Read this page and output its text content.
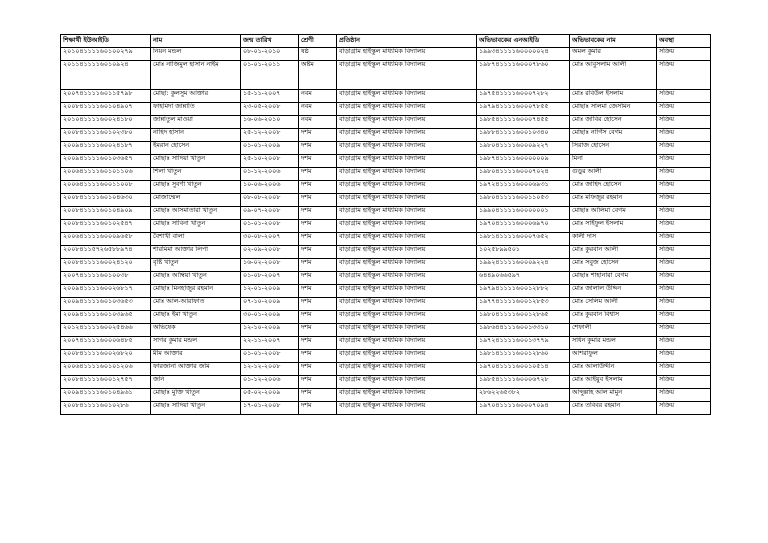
শিক্ষার্থী ইউআইডি	নাম	জন্ম তারিখ	শ্রেণী	প্রতিষ্ঠান	অভিভাবকের এনআইডি	অভিভাবকের নাম	অবস্থা
২০১০৪১১১১৬০১০০২৭৯	নিয়ন মন্ডল	০৮-০১-২০১০	ষষ্ঠ	বাড়াগ্রাম হাইস্কুল মাধ্যমিক বিদ্যালয়	১৯৯৩৪১১১১৬০০০০০২৪	অমল কুমার	সক্রিয়
২০১১৪১১১১৬০১০৯২৪	মোঃ নাজিমুল হাসান নাইম	০১-০১-২০১১	অষ্টম	বাড়াগ্রাম হাইস্কুল মাধ্যমিক বিদ্যালয়	১৯৮৭৪১১১১৬০০০৭৮৬০	মোঃ আবুসলাম আলী	সক্রিয়
২০০৭৪১১১১৬০১১৫৭৯৮	মোছা: কুলসুম আক্তার	১৫-১১-২০০৭	নবম	বাড়াগ্রাম হাইস্কুল মাধ্যমিক বিদ্যালয়	১৯৭৫৪১১১১৬০০০৭২৮২	মোঃ রবিউল ইসলাম	সক্রিয়
২০০৮৪১১১১৬০১০৪৯০৭	ফাহমিদা জান্নাতি	২৩-০৫-২০০৮	নবম	বাড়াগ্রাম হাইস্কুল মাধ্যমিক বিদ্যালয়	১৯৭৯৪১১১১৬০০০৭৮৫৫	মোছাঃ সালমা জেসমিন	সক্রিয়
২০১০৪১১১১৬০০২৪১৮০	জান্নাতুল মাওয়া	১৬-০৬-২০১০	নবম	বাড়াগ্রাম হাইস্কুল মাধ্যমিক বিদ্যালয়	১৯৮৫৪১১১১৬০০০৭৪৫৫	মোঃ জাবির হোসেন	সক্রিয়
২০০৮৪১১১১৬০১০২৩৮০	নাহিদ হাসান	২৫-১২-২০০৮	দশম	বাড়াগ্রাম হাইস্কুল মাধ্যমিক বিদ্যালয়	১৯৮৮৪১১১১৬০০১০৩৪০	মোছাঃ নার্গিস বেগম	সক্রিয়
২০০৯৪১১১১৬০০২৪১৮৭	ইমরান হোসেন	০১-০১-২০০৯	দশম	বাড়াগ্রাম হাইস্কুল মাধ্যমিক বিদ্যালয়	১৯৮০৪১১১১৬০০০৯২২৭	সিরাজ হোসেন	সক্রিয়
২০০৯৪১১১১৬০১০৩৬৫৭	মোছাঃ সাদিয়া খাতুন	২৫-১০-২০০৮	দশম	বাড়াগ্রাম হাইস্কুল মাধ্যমিক বিদ্যালয়	১৯৮৭৪১১১১৬০০০০০০৯	মিনা	সক্রিয়
২০০৬৪১১১১৬০১০১১০৬	শিলা খাতুন	০১-১২-২০০৬	দশম	বাড়াগ্রাম হাইস্কুল মাধ্যমিক বিদ্যালয়	১৯৮০৪১১১১৬০০০৭০২৪	গুড়ুর আলী	সক্রিয়
২০০৬৪১১১১৬০০১১০০৮	মোছাঃ সুবর্ণা খাতুন	১০-০৬-২০০৬	দশম	বাড়াগ্রাম হাইস্কুল মাধ্যমিক বিদ্যালয়	১৯৭২৪১১১১৬০০০৬৯৩১	মোঃ জাহিদ হোসেন	সক্রিয়
২০০৮৪১১১১৬০১০৪৬৩০	মোজাম্মেল	০৮-০৮-২০০৮	দশম	বাড়াগ্রাম হাইস্কুল মাধ্যমিক বিদ্যালয়	১৯৮০৪১১১১৬০০১১০৫৩	মোঃ মফিজুর রহমান	সক্রিয়
২০০৮৪১১১১৬০১০৪৯০৯	মোছাঃ আসমাতারা খাতুন	০৯-০৭-২০০৮	দশম	বাড়াগ্রাম হাইস্কুল মাধ্যমিক বিদ্যালয়	১৯৯০৪১১১১৬০০০০০০১	মোছাঃ আলিমা বেগম	সক্রিয়
২০০৮৪১১১১৬০১০২৫৪৭	মোছাঃ সাবিনা খাতুন	০১-০১-২০০৮	দশম	বাড়াগ্রাম হাইস্কুল মাধ্যমিক বিদ্যালয়	১৯৭০৪১১১১৬০০০৬৯৭০	মোঃ সাইফুল ইসলাম	সক্রিয়
২০০৬৪১১১১৬০০০৯৬৫৮	বৈশাখী বালা	৩০-০৮-২০০৭	দশম	বাড়াগ্রাম হাইস্কুল মাধ্যমিক বিদ্যালয়	১৯৮১৪১১১১৬০০০৭৬৫২	কালী দাস	সক্রিয়
২০০৮৪১১৫৭২৬৫৮৮৯৭৪	শারমিমা আক্তার লিপা	০২-০৯-২০০৮	দশম	বাড়াগ্রাম হাইস্কুল মাধ্যমিক বিদ্যালয়	১০২৫৮৯৯৫০১	মোঃ কুরবান আলী	সক্রিয়
২০০৮৪১১১১৬০০২৪১২০	বৃষ্টি খাতুন	১৬-০২-২০০৮	দশম	বাড়াগ্রাম হাইস্কুল মাধ্যমিক বিদ্যালয়	১৯৯২৪১১১১৬০০০৯২২৪	মোঃ সবুজ হোসেন	সক্রিয়
২০০৭৪১১১১৬০১০০৩৮	মোছাঃ আম্বিয়া খাতুন	০১-০৮-২০০৭	দশম	বাড়াগ্রাম হাইস্কুল মাধ্যমিক বিদ্যালয়	৬৪৪৯০৬৬৫৯৭	মোছাঃ শাহানারা বেগম	সক্রিয়
২০০৯৪১১১১৬০০২৬৮১৭	মোছাঃ মিনহাজুর রহমান	১২-০১-২০০৯	দশম	বাড়াগ্রাম হাইস্কুল মাধ্যমিক বিদ্যালয়	১৯৭৯৪১১১১৬০০১২৮৮২	মোঃ জালাল উদ্দিন	সক্রিয়
২০০৯৪১১১১৬০১০৩৬৫৩	মোঃ আল-আরাফাত	০৭-১০-২০০৯	দশম	বাড়াগ্রাম হাইস্কুল মাধ্যমিক বিদ্যালয়	১৯৭৭৪১১১১৬০০১২৮৫৩	মোঃ সেলিম আলী	সক্রিয়
২০০৯৪১১১১৬০১০৩৯৬৫	মোছাঃ ইমা খাতুন	৩০-০১-২০০৯	দশম	বাড়াগ্রাম হাইস্কুল মাধ্যমিক বিদ্যালয়	১৯৮০৪১১১১৬০০১২৮৬৫	মোঃ কুরবান বিশ্বাস	সক্রিয়
২০১২৪১১১১৬০০২৫৪৬৬	অভিষেক	১২-১০-২০০৯	দশম	বাড়াগ্রাম হাইস্কুল মাধ্যমিক বিদ্যালয়	১৯৮৬৪৪১১১৬০০১৩৩১০	শেফালী	সক্রিয়
২০০৭৪১১১১৬০০০৬৪৮৫	সাগর কুমার মন্ডল	২২-১১-২০০৭	দশম	বাড়াগ্রাম হাইস্কুল মাধ্যমিক বিদ্যালয়	১৯৭২৪১১১১৬০০১৩৭৭৯	সাধন কুমার মন্ডল	সক্রিয়
২০০৮৪১১১১৬০০২৬৮২০	মীম আক্তার	০১-০১-২০০৮	দশম	বাড়াগ্রাম হাইস্কুল মাধ্যমিক বিদ্যালয়	১৯৮১৪১১১১৬০০১২৮৬০	আশরাফুল	সক্রিয়
২০০৬৪১১১১৬০১০১২০৬	ফারজানা আক্তার জমি	১২-১২-২০০৮	দশম	বাড়াগ্রাম হাইস্কুল মাধ্যমিক বিদ্যালয়	১৯৭০৪১১১১৬০০১০৫১৪	মোঃ আলাউদ্দীন	সক্রিয়
২০০৮৪১১১১৬০০১২৭৫৭	জনি	০১-১২-২০০৬	দশম	বাড়াগ্রাম হাইস্কুল মাধ্যমিক বিদ্যালয়	১৯৮৫৪১১১১৬০০০৬৭২৮	মোঃ আইয়ুব ইসলাম	সক্রিয়
২০০৯৪১১১১৬০১০৪৯৬১	মোছাঃ মুক্তি খাতুন	০৫-০২-২০০৯	দশম	বাড়াগ্রাম হাইস্কুল মাধ্যমিক বিদ্যালয়	২৮৬২২৬৫৩৮২	আব্দুল্লাহ আল মামুন	সক্রিয়
২০০৮৪১১১১৬০১০২৮৬	মোছাঃ সাদিয়া খাতুন	১৭-০১-২০০৮	দশম	বাড়াগ্রাম হাইস্কুল মাধ্যমিক বিদ্যালয়	১৯৭০৪১১১১৬০০০৭০৯৪	মোঃ তবিবর রহমান	সক্রিয়
